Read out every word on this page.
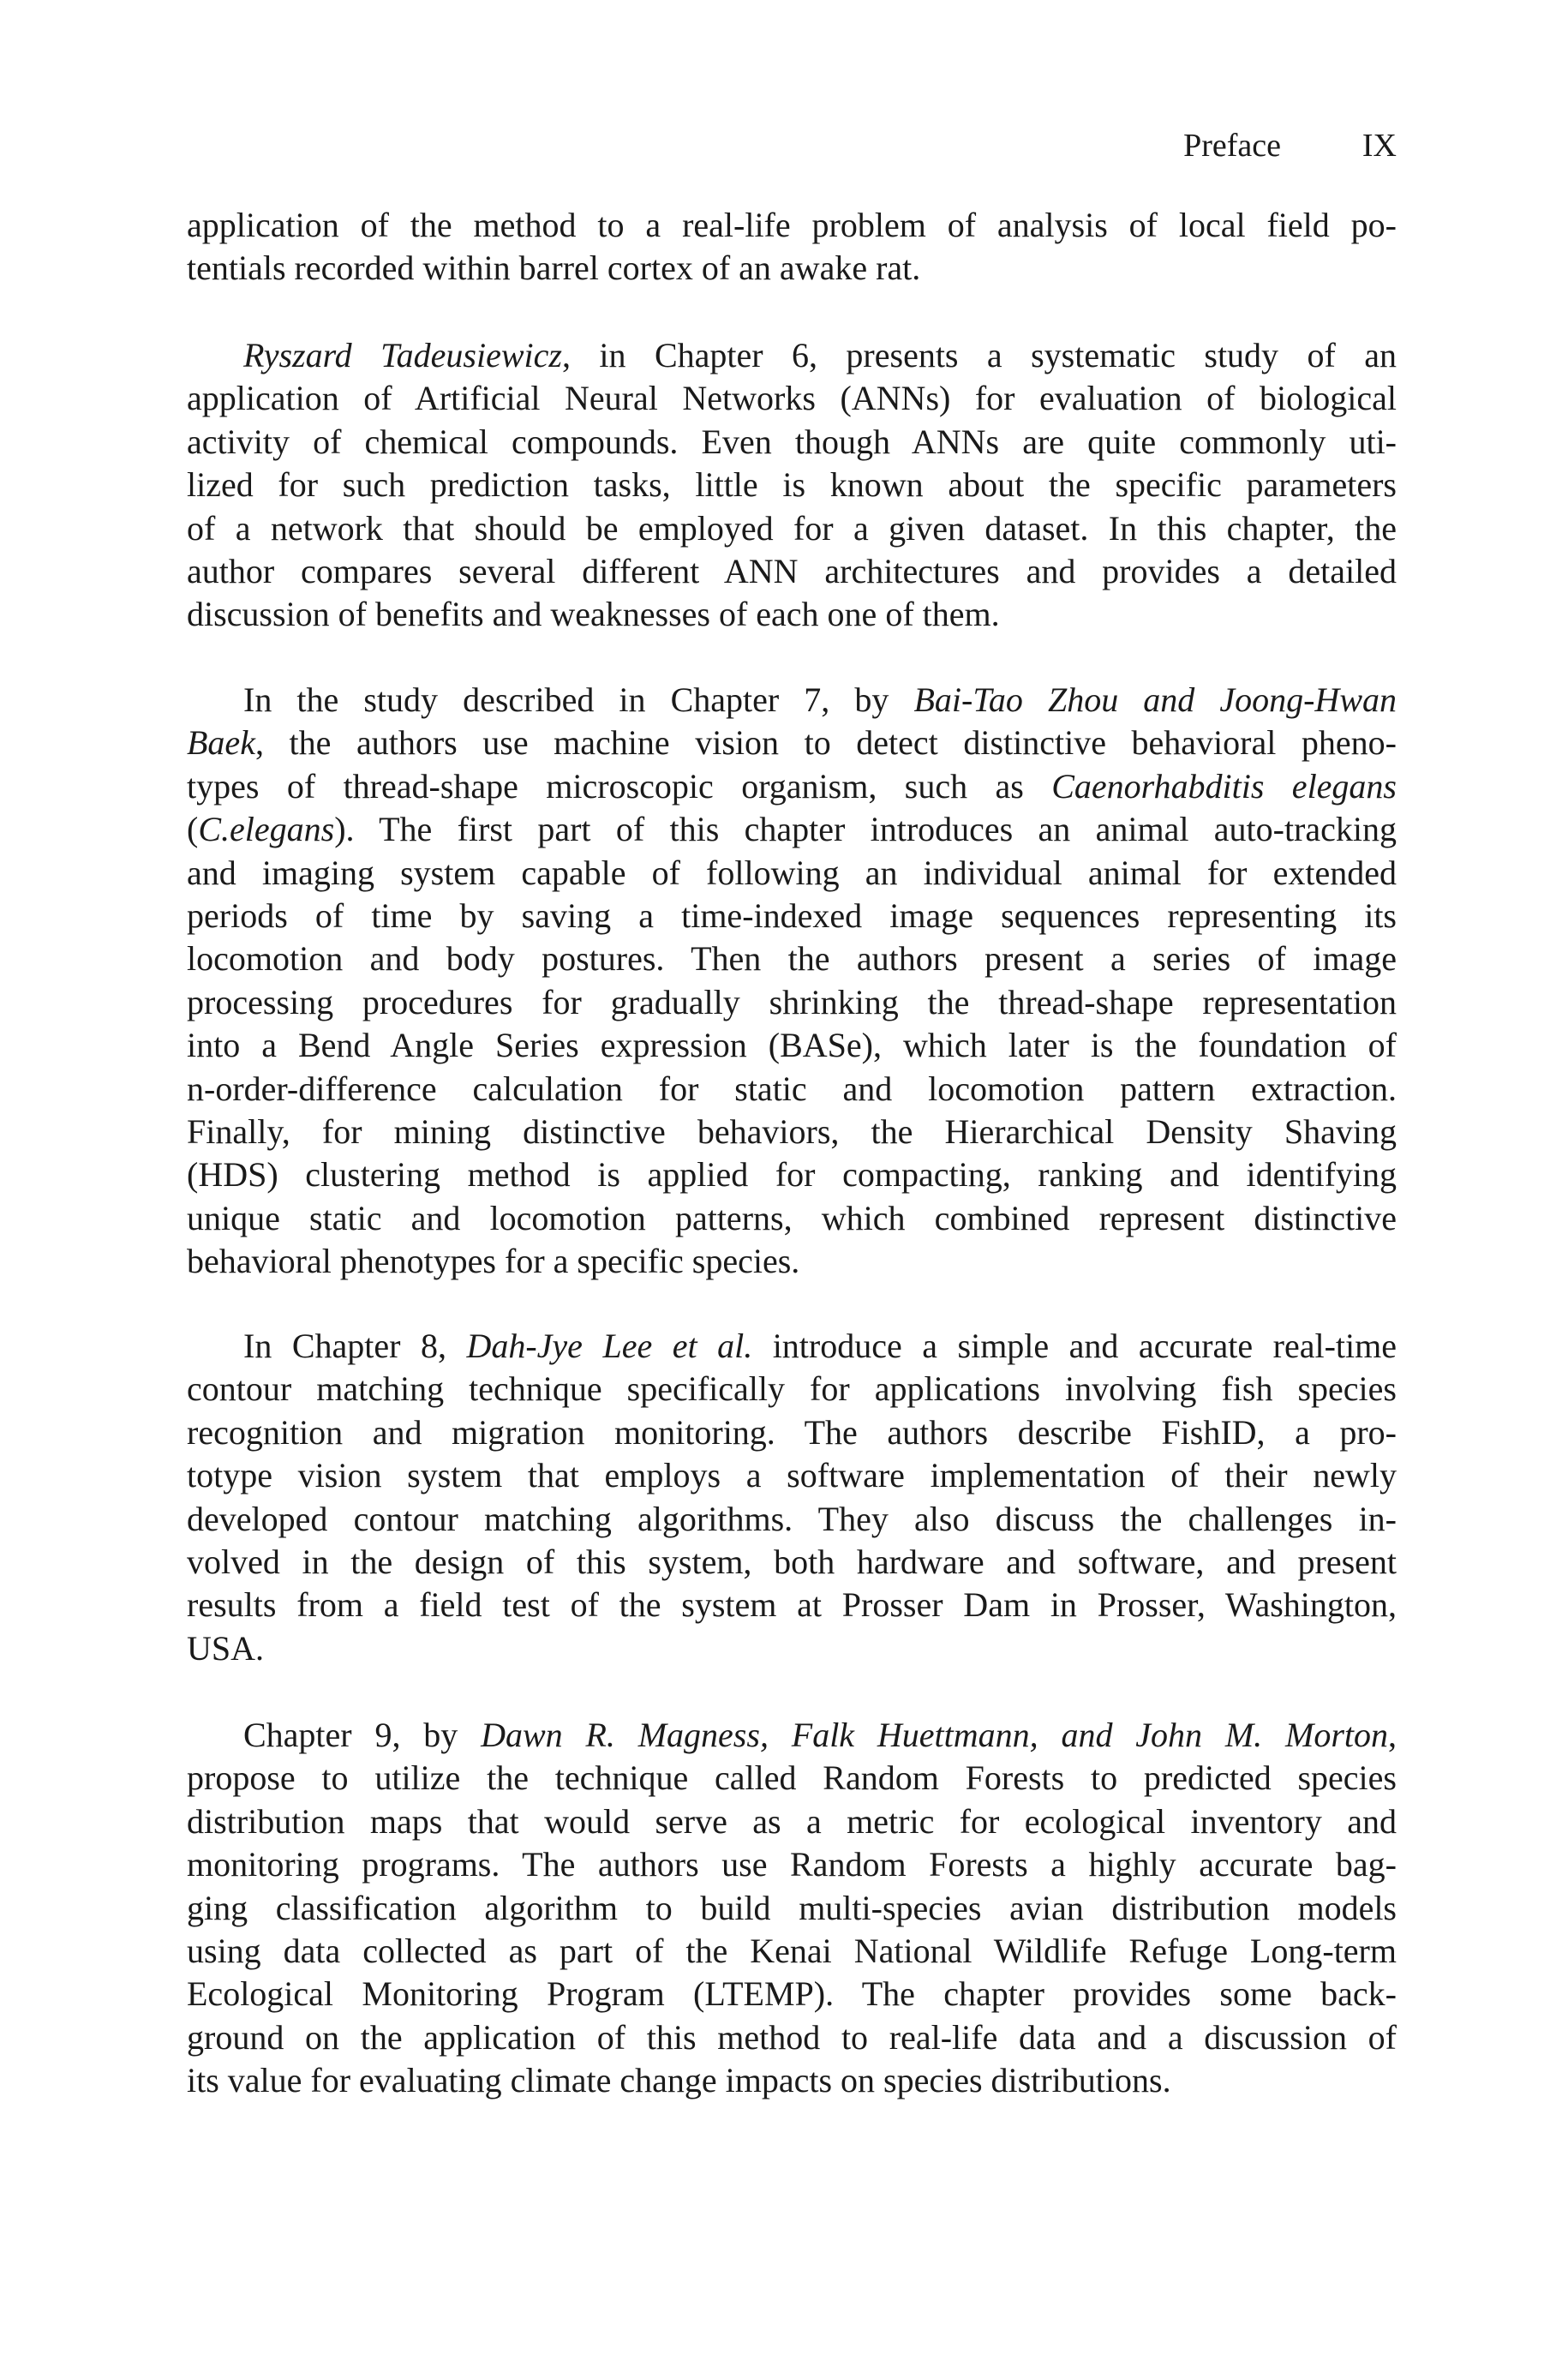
Preface	IX
application of the method to a real-life problem of analysis of local field po-
tentials recorded within barrel cortex of an awake rat.
Ryszard Tadeusiewicz, in Chapter 6, presents a systematic study of an
application of Artificial Neural Networks (ANNs) for evaluation of biological
activity of chemical compounds. Even though ANNs are quite commonly uti-
lized for such prediction tasks, little is known about the specific parameters
of a network that should be employed for a given dataset. In this chapter, the
author compares several different ANN architectures and provides a detailed
discussion of benefits and weaknesses of each one of them.
In the study described in Chapter 7, by Bai-Tao Zhou and Joong-Hwan
Baek, the authors use machine vision to detect distinctive behavioral pheno-
types of thread-shape microscopic organism, such as Caenorhabditis elegans
(C.elegans). The first part of this chapter introduces an animal auto-tracking
and imaging system capable of following an individual animal for extended
periods of time by saving a time-indexed image sequences representing its
locomotion and body postures. Then the authors present a series of image
processing procedures for gradually shrinking the thread-shape representation
into a Bend Angle Series expression (BASe), which later is the foundation of
n-order-difference calculation for static and locomotion pattern extraction.
Finally, for mining distinctive behaviors, the Hierarchical Density Shaving
(HDS) clustering method is applied for compacting, ranking and identifying
unique static and locomotion patterns, which combined represent distinctive
behavioral phenotypes for a specific species.
In Chapter 8, Dah-Jye Lee et al. introduce a simple and accurate real-time
contour matching technique specifically for applications involving fish species
recognition and migration monitoring. The authors describe FishID, a pro-
totype vision system that employs a software implementation of their newly
developed contour matching algorithms. They also discuss the challenges in-
volved in the design of this system, both hardware and software, and present
results from a field test of the system at Prosser Dam in Prosser, Washington,
USA.
Chapter 9, by Dawn R. Magness, Falk Huettmann, and John M. Morton,
propose to utilize the technique called Random Forests to predicted species
distribution maps that would serve as a metric for ecological inventory and
monitoring programs. The authors use Random Forests a highly accurate bag-
ging classification algorithm to build multi-species avian distribution models
using data collected as part of the Kenai National Wildlife Refuge Long-term
Ecological Monitoring Program (LTEMP). The chapter provides some back-
ground on the application of this method to real-life data and a discussion of
its value for evaluating climate change impacts on species distributions.
